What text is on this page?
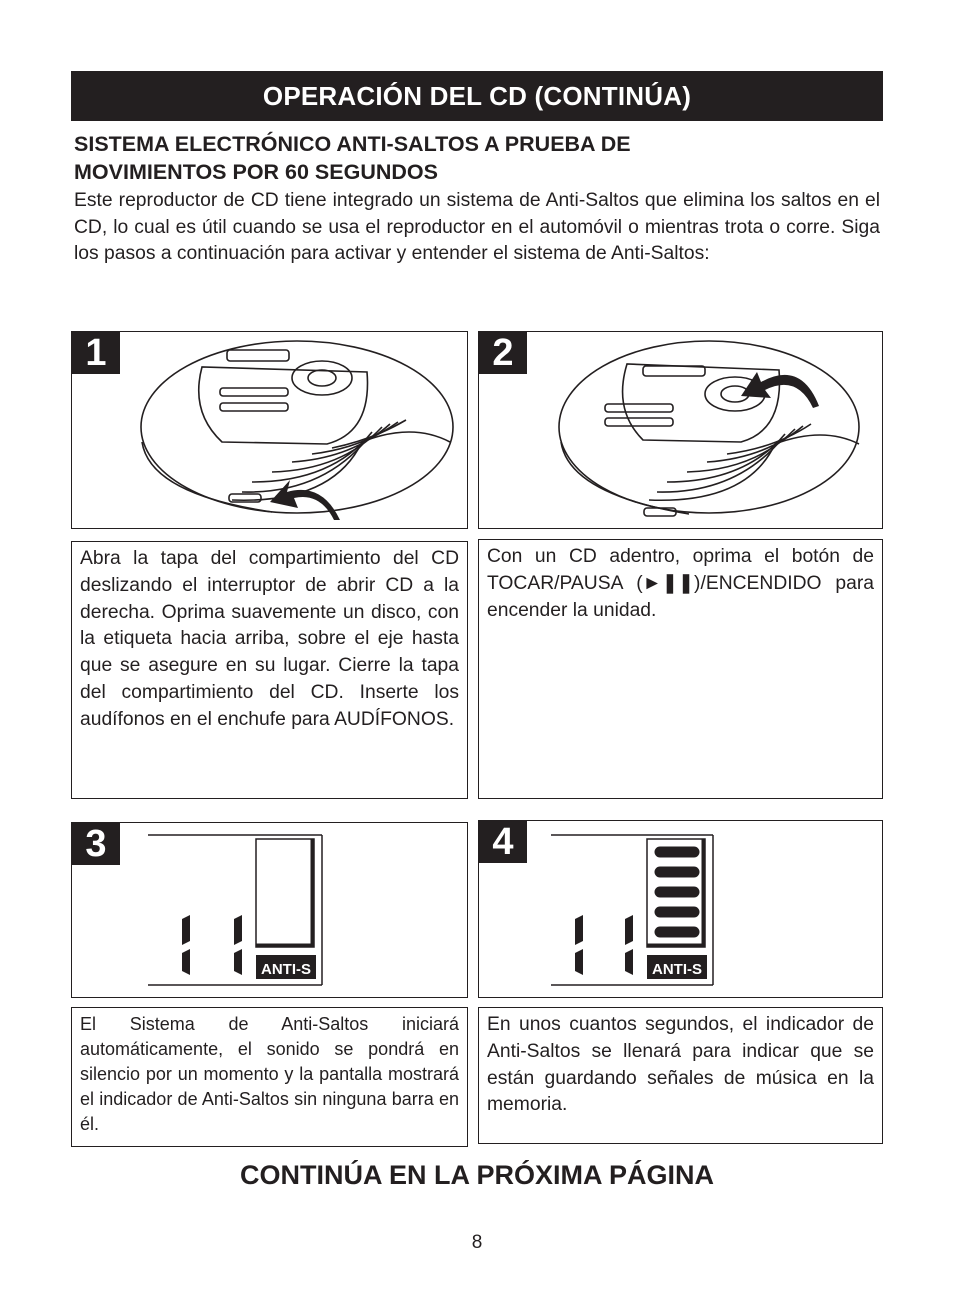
OPERACIÓN DEL CD (CONTINÚA)
SISTEMA ELECTRÓNICO ANTI-SALTOS A PRUEBA DE
MOVIMIENTOS POR 60 SEGUNDOS
Este reproductor de CD tiene integrado un sistema de Anti-Saltos que elimina los saltos en el CD, lo cual es útil cuando se usa el reproductor en el automóvil o mientras trota o corre. Siga los pasos a continuación para activar y entender el sistema de Anti-Saltos:
1	2
Abra la tapa del compartimiento del CD deslizando el interruptor de abrir CD a la derecha. Oprima suavemente un disco, con la etiqueta hacia arriba, sobre el eje hasta que se asegure en su lugar. Cierre la tapa del compartimiento del CD. Inserte los audífonos en el enchufe para AUDÍFONOS.
Con un CD adentro, oprima el botón de TOCAR/PAUSA (►❚❚)/ENCENDIDO para encender la unidad.
ANTI-S
3
ANTI-S
4
El Sistema de Anti-Saltos iniciará automáticamente, el sonido se pondrá en silencio por un momento y la pantalla mostrará el indicador de Anti-Saltos sin ninguna barra en él.
En unos cuantos segundos, el indicador de Anti-Saltos se llenará para indicar que se están guardando señales de música en la memoria.
CONTINÚA EN LA PRÓXIMA PÁGINA
8
